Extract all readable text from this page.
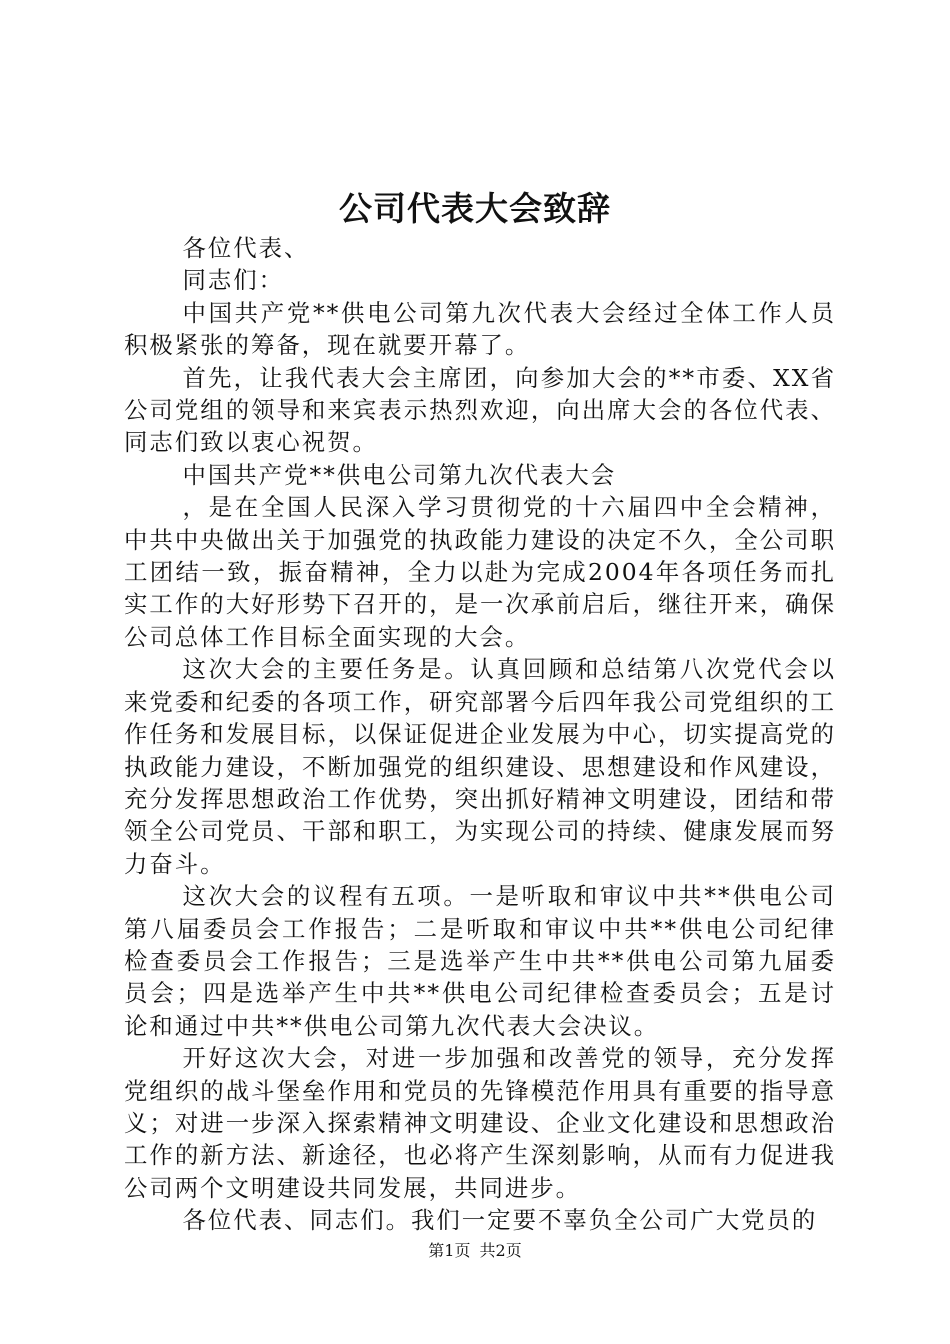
公司代表大会致辞

各位代表、

同志们：

中国共产党**供电公司第九次代表大会经过全体工作人员积极紧张的筹备，现在就要开幕了。

首先，让我代表大会主席团，向参加大会的**市委、XX省公司党组的领导和来宾表示热烈欢迎，向出席大会的各位代表、同志们致以衷心祝贺。

中国共产党**供电公司第九次代表大会

，是在全国人民深入学习贯彻党的十六届四中全会精神，中共中央做出关于加强党的执政能力建设的决定不久，全公司职工团结一致，振奋精神，全力以赴为完成2004年各项任务而扎实工作的大好形势下召开的，是一次承前启后，继往开来，确保公司总体工作目标全面实现的大会。

这次大会的主要任务是。认真回顾和总结第八次党代会以来党委和纪委的各项工作，研究部署今后四年我公司党组织的工作任务和发展目标，以保证促进企业发展为中心，切实提高党的执政能力建设，不断加强党的组织建设、思想建设和作风建设，充分发挥思想政治工作优势，突出抓好精神文明建设，团结和带领全公司党员、干部和职工，为实现公司的持续、健康发展而努力奋斗。

这次大会的议程有五项。一是听取和审议中共**供电公司第八届委员会工作报告；二是听取和审议中共**供电公司纪律检查委员会工作报告；三是选举产生中共**供电公司第九届委员会；四是选举产生中共**供电公司纪律检查委员会；五是讨论和通过中共**供电公司第九次代表大会决议。

开好这次大会，对进一步加强和改善党的领导，充分发挥党组织的战斗堡垒作用和党员的先锋模范作用具有重要的指导意义；对进一步深入探索精神文明建设、企业文化建设和思想政治工作的新方法、新途径，也必将产生深刻影响，从而有力促进我公司两个文明建设共同发展，共同进步。

各位代表、同志们。我们一定要不辜负全公司广大党员的

第1页 共2页
